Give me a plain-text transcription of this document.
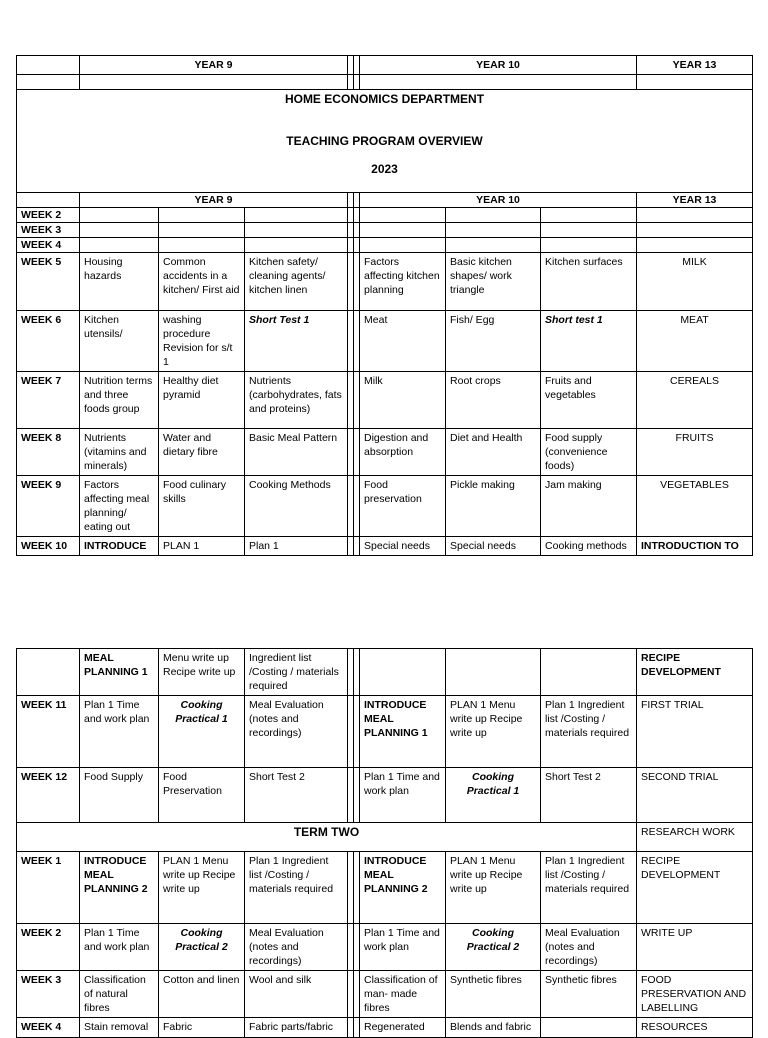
	YEAR 9					YEAR 10			YEAR 13

HOME ECONOMICS DEPARTMENT
TEACHING PROGRAM OVERVIEW
2023									

	YEAR 9					YEAR 10			YEAR 13
WEEK 2									
WEEK 3									
WEEK 4									
WEEK 5	Housing hazards	Common accidents in a kitchen/ First aid	Kitchen safety/ cleaning agents/ kitchen linen			Factors affecting kitchen planning	Basic kitchen shapes/ work triangle	Kitchen surfaces	MILK
WEEK 6	Kitchen utensils/	washing procedure Revision for s/t 1	Short Test 1			Meat	Fish/ Egg	Short test 1	MEAT
WEEK 7	Nutrition terms and three foods group	Healthy diet pyramid	Nutrients (carbohydrates, fats and proteins)			Milk	Root crops	Fruits and vegetables	CEREALS
WEEK 8	Nutrients (vitamins and minerals)	Water and dietary fibre	Basic Meal Pattern			Digestion and absorption	Diet and Health	Food supply (convenience foods)	FRUITS
WEEK 9	Factors affecting meal planning/ eating out	Food culinary skills	Cooking Methods			Food preservation	Pickle making	Jam making	VEGETABLES
WEEK 10	INTRODUCE	PLAN 1	Plan 1			Special needs	Special needs	Cooking methods	INTRODUCTION TO
	MEAL PLANNING 1	Menu write up Recipe write up	Ingredient list /Costing / materials required						RECIPE DEVELOPMENT
WEEK 11	Plan 1 Time and work plan	Cooking Practical 1	Meal Evaluation (notes and recordings)			INTRODUCE MEAL PLANNING 1	PLAN 1 Menu write up Recipe write up	Plan 1 Ingredient list /Costing / materials required	FIRST TRIAL
WEEK 12	Food Supply	Food Preservation	Short Test 2			Plan 1 Time and work plan	Cooking Practical 1	Short Test 2	SECOND TRIAL
TERM TWO									RESEARCH WORK
WEEK 1	INTRODUCE MEAL PLANNING 2	PLAN 1 Menu write up Recipe write up	Plan 1 Ingredient list /Costing / materials required			INTRODUCE MEAL PLANNING 2	PLAN 1 Menu write up Recipe write up	Plan 1 Ingredient list /Costing / materials required	RECIPE DEVELOPMENT
WEEK 2	Plan 1 Time and work plan	Cooking Practical 2	Meal Evaluation (notes and recordings)			Plan 1 Time and work plan	Cooking Practical 2	Meal Evaluation (notes and recordings)	WRITE UP
WEEK 3	Classification of natural fibres	Cotton and linen	Wool and silk			Classification of man- made fibres	Synthetic fibres	Synthetic fibres	FOOD PRESERVATION AND LABELLING
WEEK 4	Stain removal	Fabric	Fabric parts/fabric			Regenerated	Blends and fabric		RESOURCES
